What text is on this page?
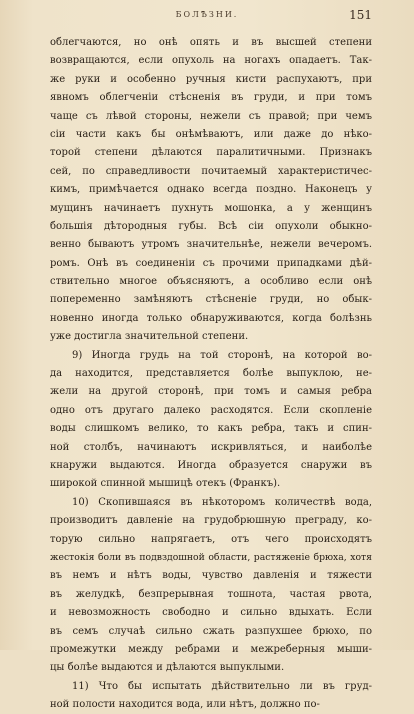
БОЛѢЗНИ.	151
облегчаются, но онѣ опять и въ высшей степени
возвращаются, если опухоль на ногахъ опадаетъ. Так-
же руки и особенно ручныя кисти распухаютъ, при
явномъ облегченіи стѣсненія въ груди, и при томъ
чаще съ лѣвой стороны, нежели съ правой; при чемъ
сіи части какъ бы онѣмѣваютъ, или даже до нѣко-
торой степени дѣлаются паралитичными. Признакъ
сей, по справедливости почитаемый характеристичес-
кимъ, примѣчается однако всегда поздно. Наконецъ у
мущинъ начинаетъ пухнуть мошонка, а у женщинъ
большія дѣтородныя губы. Всѣ сіи опухоли обыкно-
венно бываютъ утромъ значительнѣе, нежели вечеромъ.
ромъ. Онѣ въ соединеніи съ прочими припадками дѣй-
ствительно многое объясняютъ, а особливо если онѣ
попеременно замѣняютъ стѣсненіе груди, но обык-
новенно иногда только обнаруживаются, когда болѣзнь
уже достигла значительной степени.
9) Иногда грудь на той сторонѣ, на которой во-
да находится, представляется болѣе выпуклою, не-
жели на другой сторонѣ, при томъ и самыя ребра
одно отъ другаго далеко расходятся. Если скопленіе
воды слишкомъ велико, то какъ ребра, такъ и спин-
ной столбъ, начинаютъ искривляться, и наиболѣе
кнаружи выдаются. Иногда образуется снаружи въ
широкой спинной мышицѣ отекъ (Франкъ).
10) Скопившаяся въ нѣкоторомъ количествѣ вода,
производитъ давленіе на грудобрюшную преграду, ко-
торую сильно напрягаетъ, отъ чего происходятъ
жестокія боли въ подвздошной области, растяженіе брюха, хотя
въ немъ и нѣтъ воды, чувство давленія и тяжести
въ желудкѣ, безпрерывная тошнота, частая рвота,
и невозможность свободно и сильно вдыхать. Если
въ семъ случаѣ сильно сжать разпухшее брюхо, по
промежутки между ребрами и межреберныя мыши-
цы болѣе выдаются и дѣлаются выпуклыми.
11) Что бы испытать дѣйствительно ли въ груд-
ной полости находится вода, или нѣтъ, должно по-
